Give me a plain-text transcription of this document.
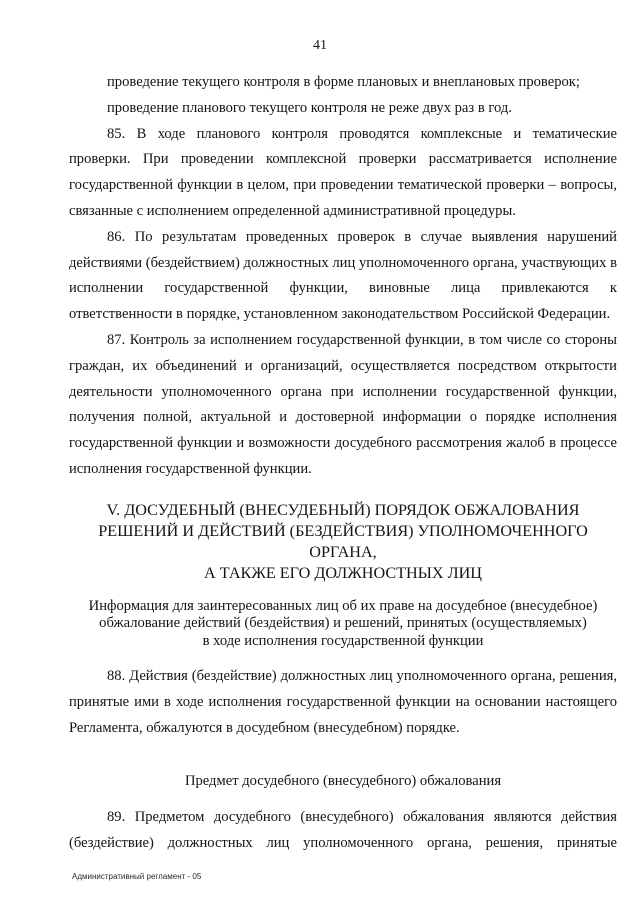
41

проведение текущего контроля в форме плановых и внеплановых проверок;

проведение планового текущего контроля не реже двух раз в год.

85. В ходе планового контроля проводятся комплексные и тематические проверки. При проведении комплексной проверки рассматривается исполнение государственной функции в целом, при проведении тематической проверки – вопросы, связанные с исполнением определенной административной процедуры.

86. По результатам проведенных проверок в случае выявления нарушений действиями (бездействием) должностных лиц уполномоченного органа, участвующих в исполнении государственной функции, виновные лица привлекаются к ответственности в порядке, установленном законодательством Российской Федерации.

87. Контроль за исполнением государственной функции, в том числе со стороны граждан, их объединений и организаций, осуществляется посредством открытости деятельности уполномоченного органа при исполнении государственной функции, получения полной, актуальной и достоверной информации о порядке исполнения государственной функции и возможности досудебного рассмотрения жалоб в процессе исполнения государственной функции.

V. ДОСУДЕБНЫЙ (ВНЕСУДЕБНЫЙ) ПОРЯДОК ОБЖАЛОВАНИЯ
РЕШЕНИЙ И ДЕЙСТВИЙ (БЕЗДЕЙСТВИЯ) УПОЛНОМОЧЕННОГО ОРГАНА,
А ТАКЖЕ ЕГО ДОЛЖНОСТНЫХ ЛИЦ
Информация для заинтересованных лиц об их праве на досудебное (внесудебное)
обжалование действий (бездействия) и решений, принятых (осуществляемых)
в ходе исполнения государственной функции

88. Действия (бездействие) должностных лиц уполномоченного органа, решения, принятые ими в ходе исполнения государственной функции на основании настоящего Регламента, обжалуются в досудебном (внесудебном) порядке.

Предмет досудебного (внесудебного) обжалования

89. Предметом досудебного (внесудебного) обжалования являются действия (бездействие) должностных лиц уполномоченного органа, решения, принятые

Административный регламент - 05
